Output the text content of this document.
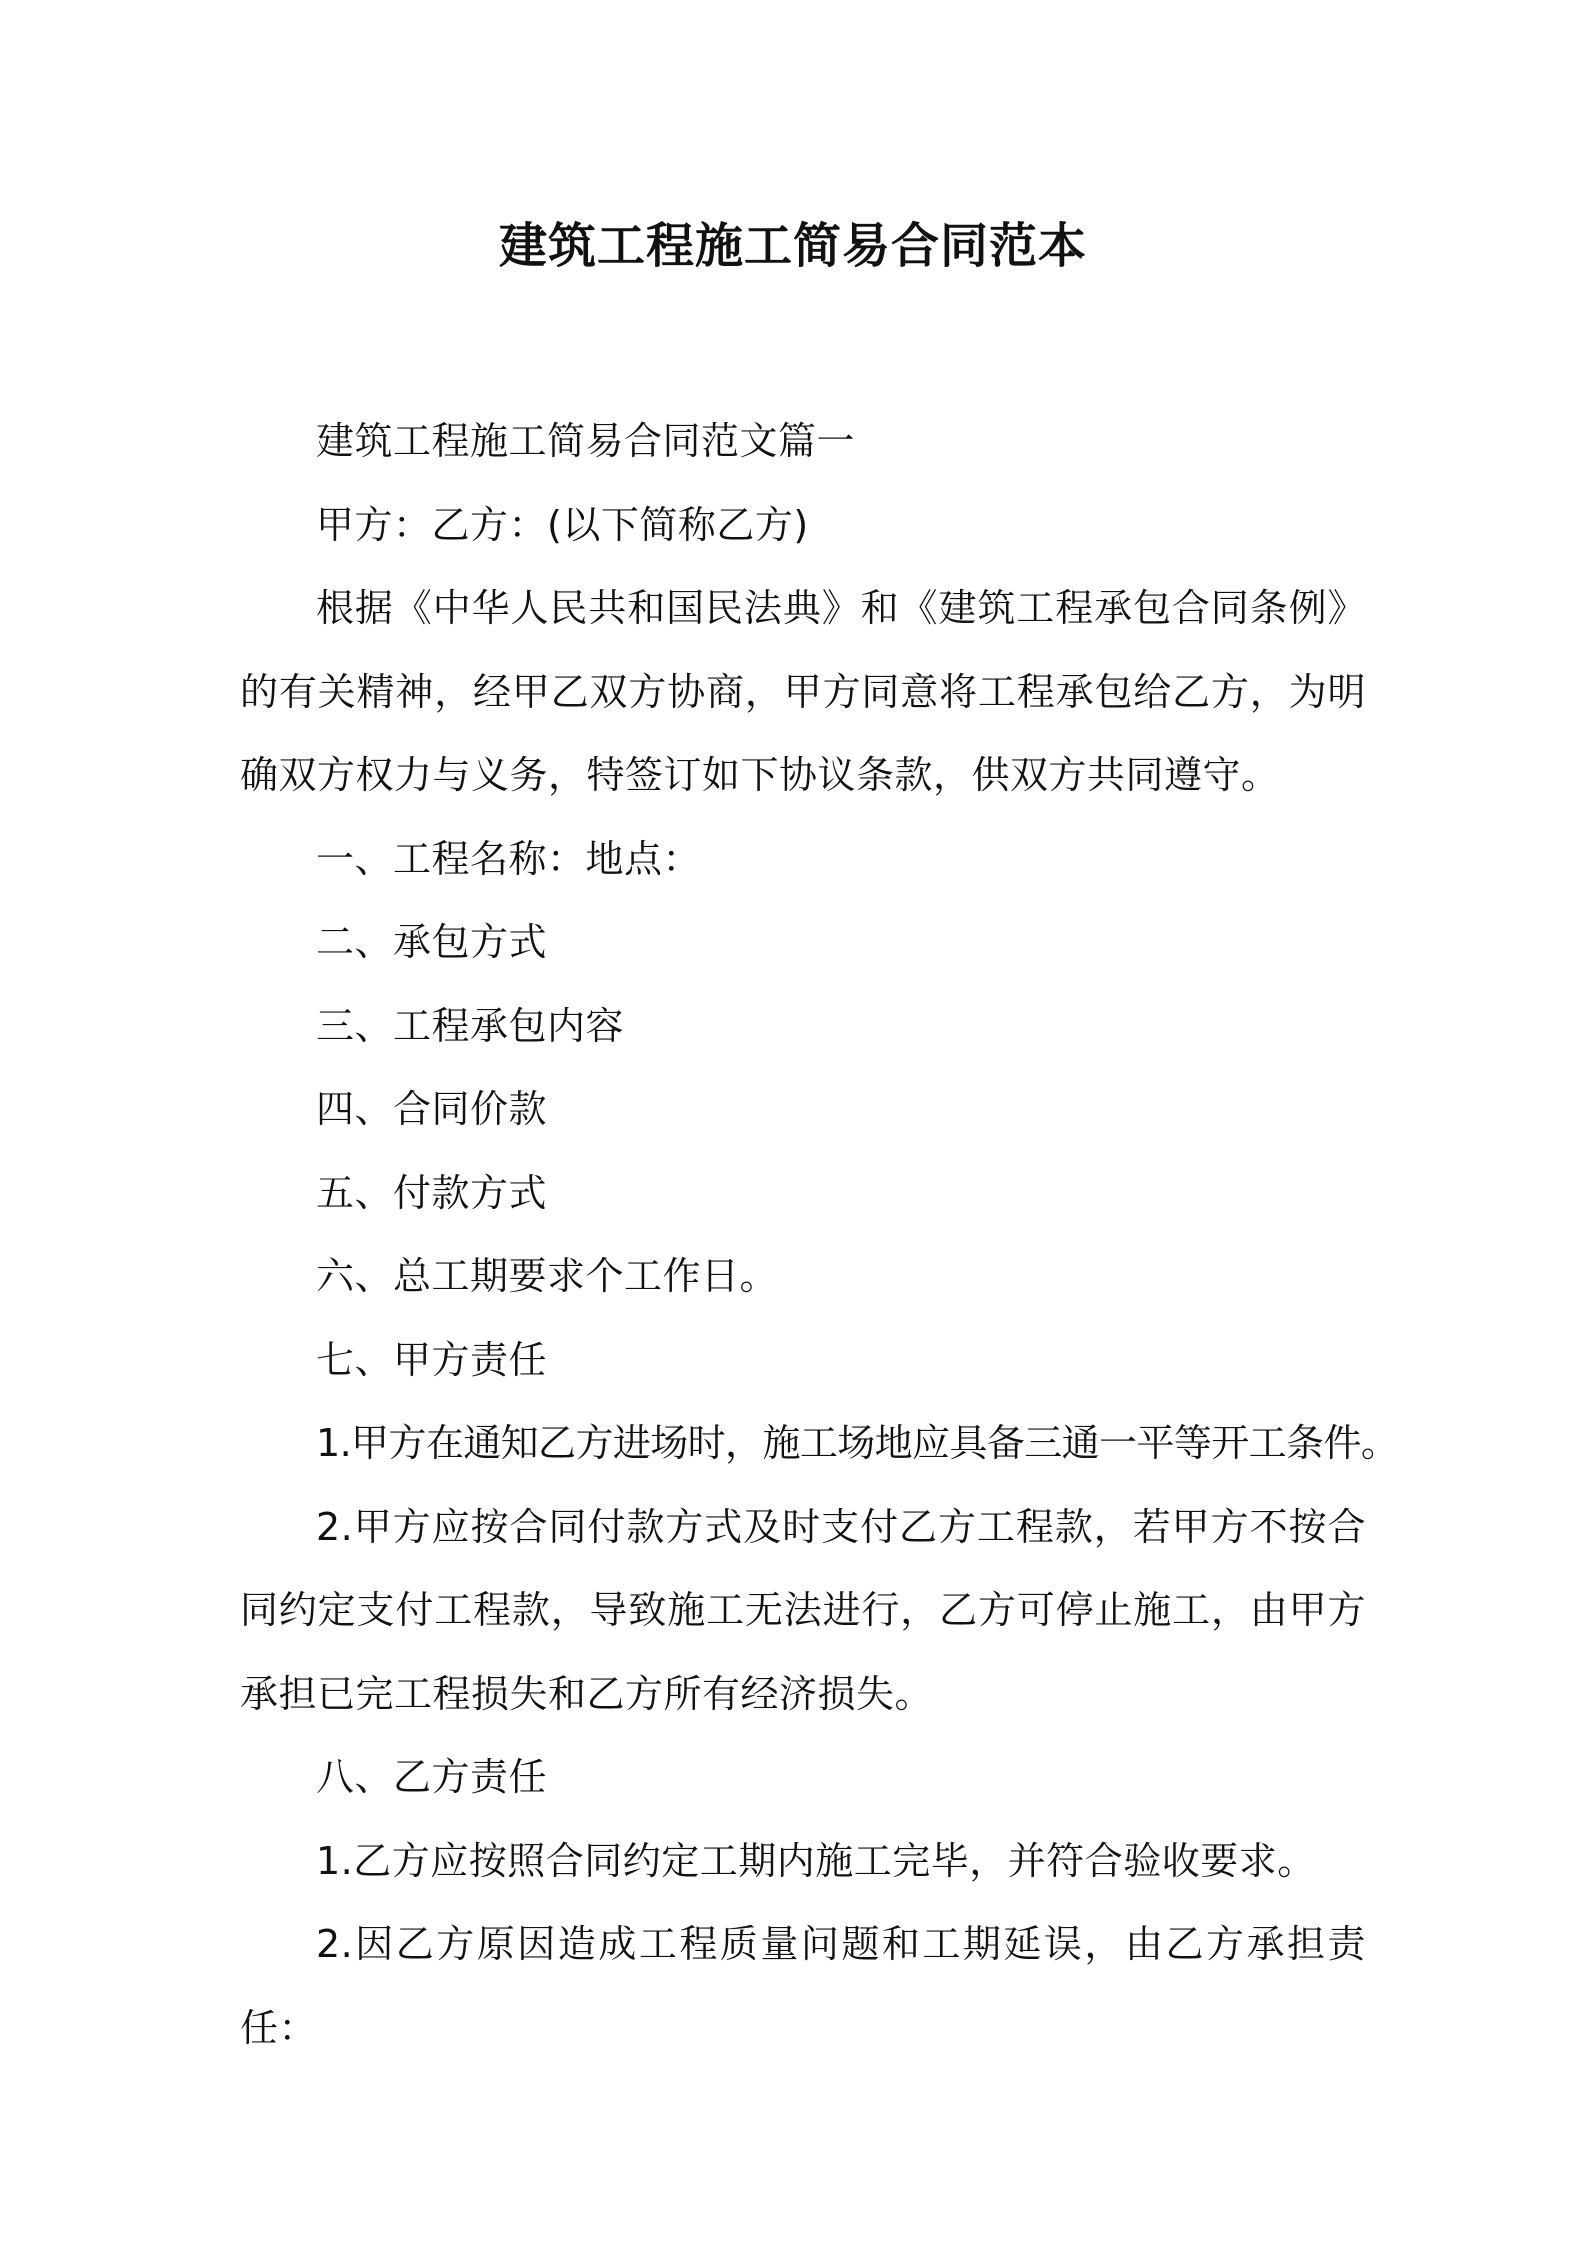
建筑工程施工简易合同范本

建筑工程施工简易合同范文篇一

甲方：乙方：(以下简称乙方)

根据《中华人民共和国民法典》和《建筑工程承包合同条例》的有关精神，经甲乙双方协商，甲方同意将工程承包给乙方，为明确双方权力与义务，特签订如下协议条款，供双方共同遵守。

一、工程名称：地点：

二、承包方式

三、工程承包内容

四、合同价款

五、付款方式

六、总工期要求个工作日。

七、甲方责任

1.甲方在通知乙方进场时，施工场地应具备三通一平等开工条件。

2.甲方应按合同付款方式及时支付乙方工程款，若甲方不按合同约定支付工程款，导致施工无法进行，乙方可停止施工，由甲方承担已完工程损失和乙方所有经济损失。

八、乙方责任

1.乙方应按照合同约定工期内施工完毕，并符合验收要求。

2.因乙方原因造成工程质量问题和工期延误，由乙方承担责任：
